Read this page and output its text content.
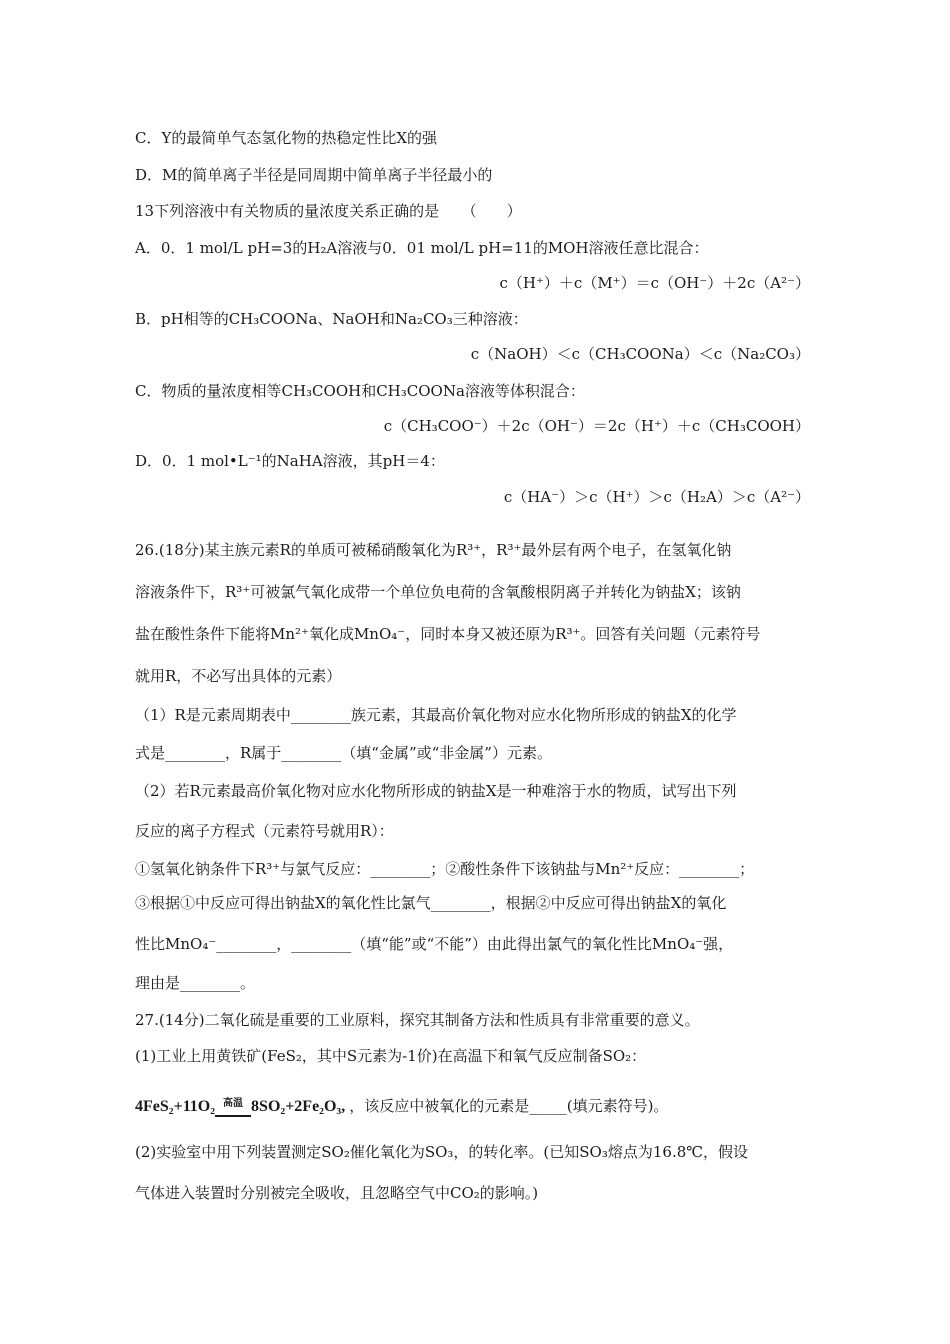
C．Y的最简单气态氢化物的热稳定性比X的强
D．M的简单离子半径是同周期中简单离子半径最小的
13下列溶液中有关物质的量浓度关系正确的是　　（　　）
A．0．1 mol/L pH=3的H₂A溶液与0．01 mol/L pH=11的MOH溶液任意比混合：
c（H⁺）＋c（M⁺）＝c（OH⁻）＋2c（A²⁻）
B．pH相等的CH₃COONa、NaOH和Na₂CO₃三种溶液：
c（NaOH）＜c（CH₃COONa）＜c（Na₂CO₃）
C．物质的量浓度相等CH₃COOH和CH₃COONa溶液等体积混合：
c（CH₃COO⁻）＋2c（OH⁻）＝2c（H⁺）＋c（CH₃COOH）
D．0．1 mol•L⁻¹的NaHA溶液，其pH＝4：
c（HA⁻）＞c（H⁺）＞c（H₂A）＞c（A²⁻）
26.(18分)某主族元素R的单质可被稀硝酸氧化为R³⁺，R³⁺最外层有两个电子，在氢氧化钠
溶液条件下，R³⁺可被氯气氧化成带一个单位负电荷的含氧酸根阴离子并转化为钠盐X；该钠
盐在酸性条件下能将Mn²⁺氧化成MnO₄⁻，同时本身又被还原为R³⁺。回答有关问题（元素符号
就用R，不必写出具体的元素）
（1）R是元素周期表中________族元素，其最高价氧化物对应水化物所形成的钠盐X的化学
式是________，R属于________（填“金属”或“非金属”）元素。
（2）若R元素最高价氧化物对应水化物所形成的钠盐X是一种难溶于水的物质，试写出下列
反应的离子方程式（元素符号就用R）：
①氢氧化钠条件下R³⁺与氯气反应：________；②酸性条件下该钠盐与Mn²⁺反应：________；
③根据①中反应可得出钠盐X的氧化性比氯气________，根据②中反应可得出钠盐X的氧化
性比MnO₄⁻________，________（填“能”或“不能”）由此得出氯气的氧化性比MnO₄⁻强，
理由是________。
27.(14分)二氧化硫是重要的工业原料，探究其制备方法和性质具有非常重要的意义。
(1)工业上用黄铁矿(FeS₂，其中S元素为-1价)在高温下和氧气反应制备SO₂：
4FeS₂+11O₂ 高温 8SO₂+2Fe₂O₃, ，该反应中被氧化的元素是_____(填元素符号)。
(2)实验室中用下列装置测定SO₂催化氧化为SO₃，的转化率。(已知SO₃熔点为16.8℃，假设
气体进入装置时分别被完全吸收，且忽略空气中CO₂的影响。)
